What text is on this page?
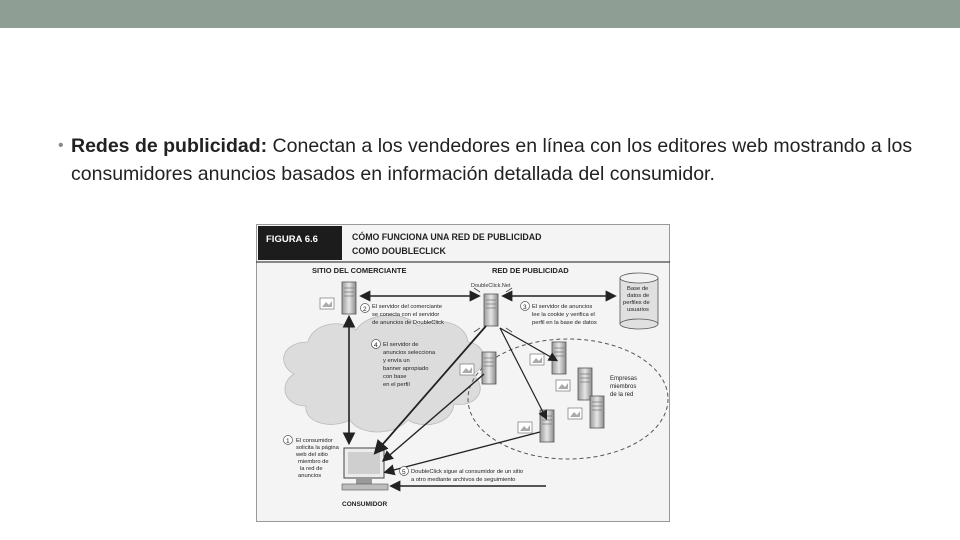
• Redes de publicidad: Conectan a los vendedores en línea con los editores web mostrando a los consumidores anuncios basados en información detallada del consumidor.
FIGURA 6.6	CÓMO FUNCIONA UNA RED DE PUBLICIDAD
COMO DOUBLECLICK
SITIO DEL COMERCIANTE	RED DE PUBLICIDAD
DoubleClick.Net	Base de datos de perfiles de usuarios
Empresas miembros de la red
CONSUMIDOR
1
2	3
4
5
El consumidor solicita la página web del sitio miembro de la red de anuncios
El servidor del comerciante se conecta con el servidor de anuncios de DoubleClick
El servidor de anuncios lee la cookie y verifica el perfil en la base de datos
El servidor de anuncios selecciona y envía un banner apropiado con base en el perfil
DoubleClick sigue al consumidor de un sitio a otro mediante archivos de seguimiento
